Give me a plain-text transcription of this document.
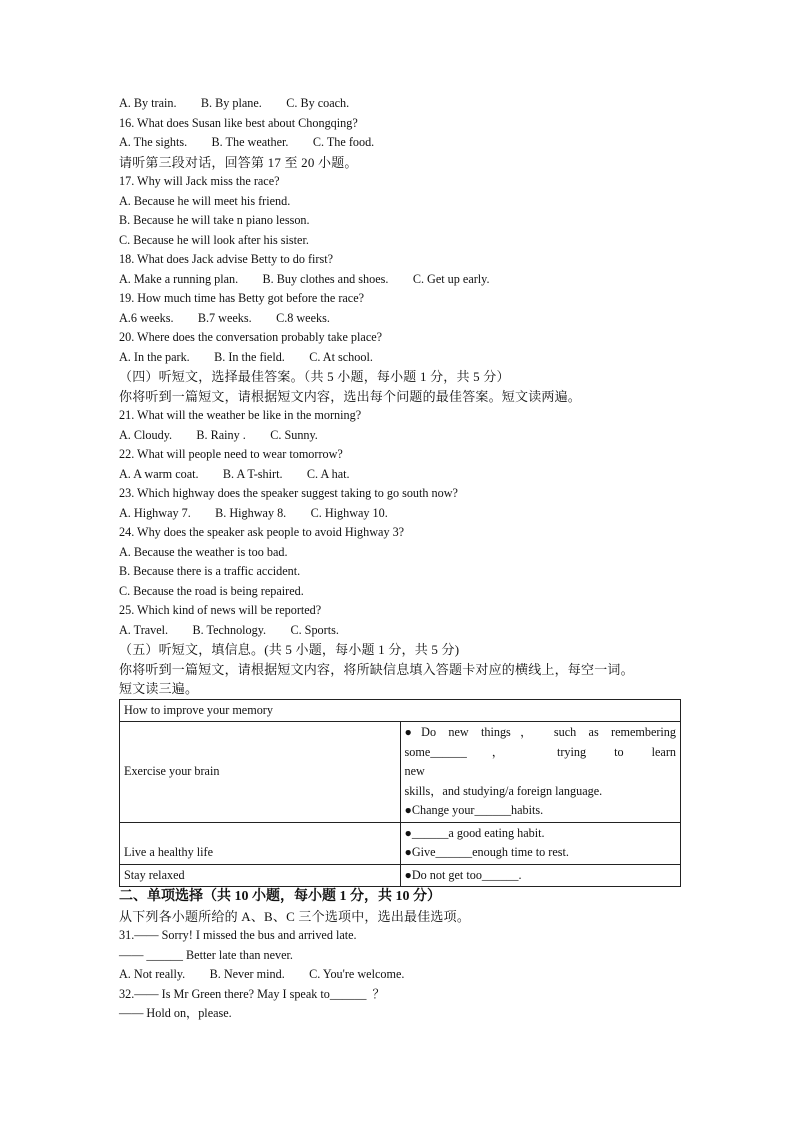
A. By train.        B. By plane.        C. By coach.
16. What does Susan like best about Chongqing?
A. The sights.        B. The weather.        C. The food.
请听第三段对话，回答第 17 至 20 小题。
17. Why will Jack miss the race?
A. Because he will meet his friend.
B. Because he will take n piano lesson.
C. Because he will look after his sister.
18. What does Jack advise Betty to do first?
A. Make a running plan.        B. Buy clothes and shoes.        C. Get up early.
19. How much time has Betty got before the race?
A.6 weeks.        B.7 weeks.        C.8 weeks.
20. Where does the conversation probably take place?
A. In the park.        B. In the field.        C. At school.
（四）听短文，选择最佳答案。（共 5 小题，每小题 1 分，共 5 分）
你将听到一篇短文，请根据短文内容，选出每个问题的最佳答案。短文读两遍。
21. What will the weather be like in the morning?
A. Cloudy.        B. Rainy .        C. Sunny.
22. What will people need to wear tomorrow?
A. A warm coat.        B. A T-shirt.        C. A hat.
23. Which highway does the speaker suggest taking to go south now?
A. Highway 7.        B. Highway 8.        C. Highway 10.
24. Why does the speaker ask people to avoid Highway 3?
A. Because the weather is too bad.
B. Because there is a traffic accident.
C. Because the road is being repaired.
25. Which kind of news will be reported?
A. Travel.        B. Technology.        C. Sports.
（五）听短文，填信息。(共 5 小题，每小题 1 分，共 5 分)
你将听到一篇短文，请根据短文内容，将所缺信息填入答题卡对应的横线上，每空一词。
短文读三遍。
How to improve your memory	
Exercise your brain	●Do new things， such as remembering some______， trying to learn
new
skills，and studying/a foreign language.
●Change your______habits.

Live a healthy life	●______a good eating habit.
●Give______enough time to rest.

Stay relaxed	●Do not get too______.
二、单项选择（共 10 小题，每小题 1 分，共 10 分）
从下列各小题所给的 A、B、C 三个选项中，选出最佳选项。
31.—— Sorry! I missed the bus and arrived late.
—— ______ Better late than never.
A. Not really.        B. Never mind.        C. You're welcome.
32.—— Is Mr Green there? May I speak to______  ？
—— Hold on，please.
